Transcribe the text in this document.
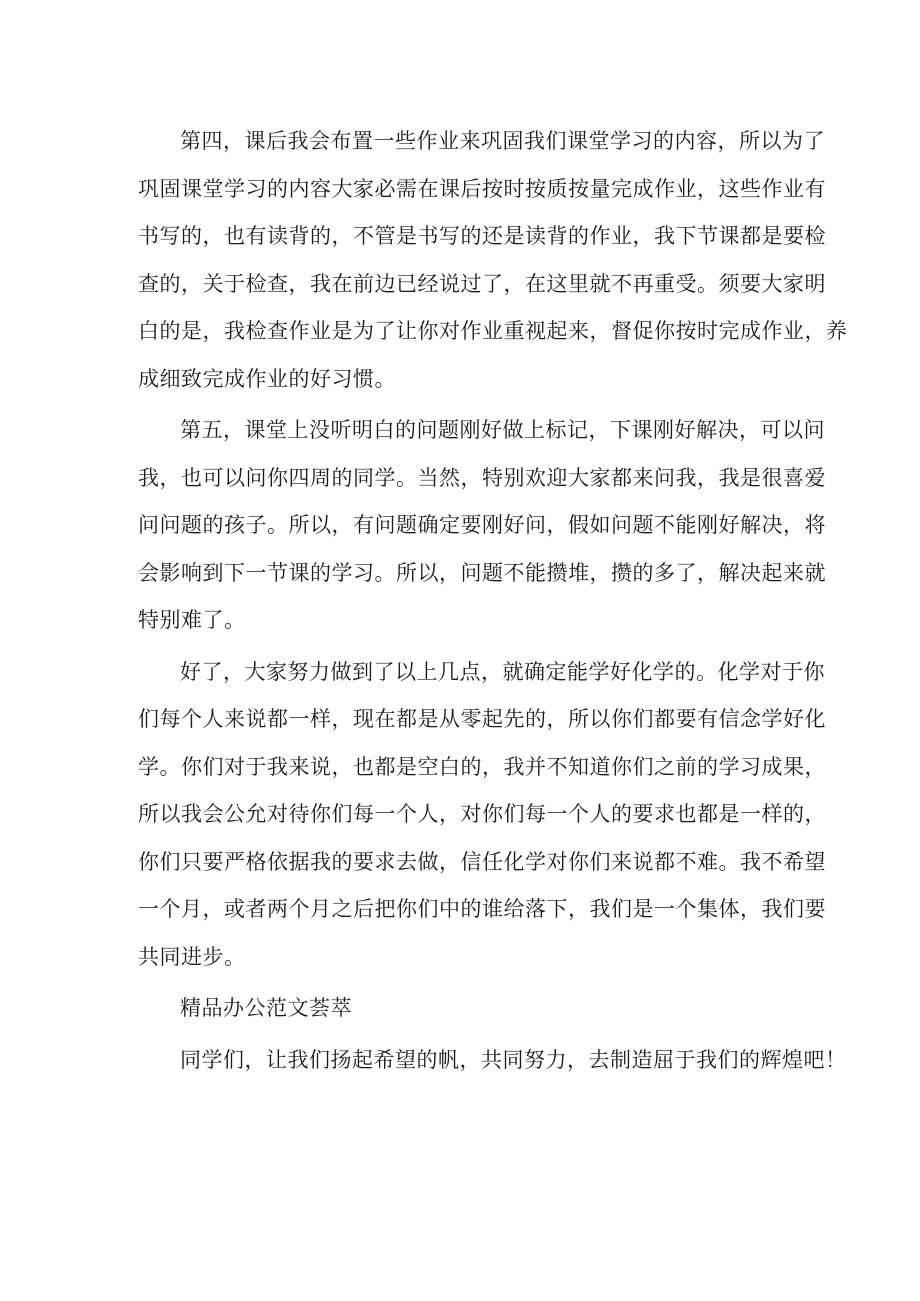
第四，课后我会布置一些作业来巩固我们课堂学习的内容，所以为了
巩固课堂学习的内容大家必需在课后按时按质按量完成作业，这些作业有
书写的，也有读背的，不管是书写的还是读背的作业，我下节课都是要检
查的，关于检查，我在前边已经说过了，在这里就不再重受。须要大家明
白的是，我检查作业是为了让你对作业重视起来，督促你按时完成作业，养
成细致完成作业的好习惯。

第五，课堂上没听明白的问题刚好做上标记，下课刚好解决，可以问
我，也可以问你四周的同学。当然，特别欢迎大家都来问我，我是很喜爱
问问题的孩子。所以，有问题确定要刚好问，假如问题不能刚好解决，将
会影响到下一节课的学习。所以，问题不能攒堆，攒的多了，解决起来就
特别难了。

好了，大家努力做到了以上几点，就确定能学好化学的。化学对于你
们每个人来说都一样，现在都是从零起先的，所以你们都要有信念学好化
学。你们对于我来说，也都是空白的，我并不知道你们之前的学习成果，
所以我会公允对待你们每一个人，对你们每一个人的要求也都是一样的，
你们只要严格依据我的要求去做，信任化学对你们来说都不难。我不希望
一个月，或者两个月之后把你们中的谁给落下，我们是一个集体，我们要
共同进步。

精品办公范文荟萃

同学们，让我们扬起希望的帆，共同努力，去制造屈于我们的辉煌吧！
